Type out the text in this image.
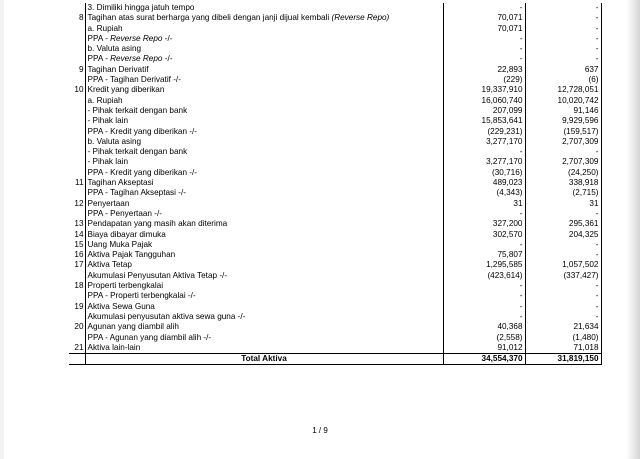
	3. Dimiliki hingga jatuh tempo	-	-
8	Tagihan atas surat berharga yang dibeli dengan janji dijual kembali (Reverse Repo)	70,071	-
	a. Rupiah	70,071	-
	PPA - Reverse Repo -/-	-	-
	b. Valuta asing	-	-
	PPA - Reverse Repo -/-	-	-
9	Tagihan Derivatif	22,893	637
	PPA - Tagihan Derivatif -/-	(229)	(6)
10	Kredit yang diberikan	19,337,910	12,728,051
	a. Rupiah	16,060,740	10,020,742
	- Pihak terkait dengan bank	207,099	91,146
	- Pihak lain	15,853,641	9,929,596
	PPA - Kredit yang diberikan -/-	(229,231)	(159,517)
	b. Valuta asing	3,277,170	2,707,309
	- Pihak terkait dengan bank	-	-
	- Pihak lain	3,277,170	2,707,309
	PPA - Kredit yang diberikan -/-	(30,716)	(24,250)
11	Tagihan Akseptasi	489,023	338,918
	PPA - Tagihan Akseptasi -/-	(4,343)	(2,715)
12	Penyertaan	31	31
	PPA - Penyertaan -/-	-	-
13	Pendapatan yang masih akan diterima	327,200	295,361
14	Biaya dibayar dimuka	302,570	204,325
15	Uang Muka Pajak	-	-
16	Aktiva Pajak Tangguhan	75,807	-
17	Aktiva Tetap	1,295,585	1,057,502
	Akumulasi Penyusutan Aktiva Tetap -/-	(423,614)	(337,427)
18	Properti terbengkalai	-	-
	PPA - Properti terbengkalai -/-	-	-
19	Aktiva Sewa Guna	-	-
	Akumulasi penyusutan aktiva sewa guna -/-	-	-
20	Agunan yang diambil alih	40,368	21,634
	PPA - Agunan yang diambil alih -/-	(2,558)	(1,480)
21	Aktiva lain-lain	91,012	71,018
	Total Aktiva	34,554,370	31,819,150
1 / 9
